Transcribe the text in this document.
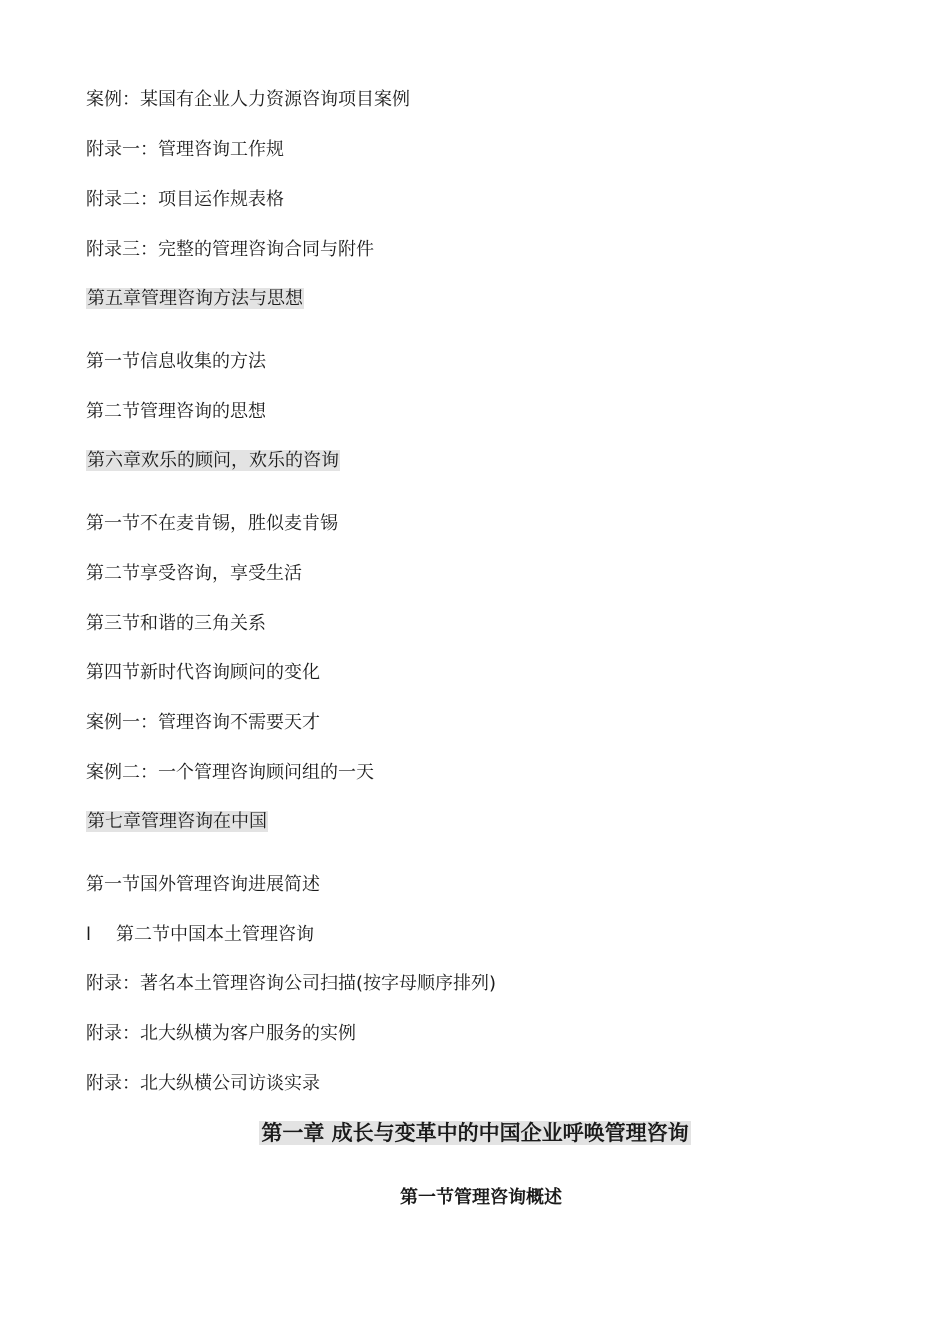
案例：某国有企业人力资源咨询项目案例
附录一：管理咨询工作规
附录二：项目运作规表格
附录三：完整的管理咨询合同与附件
第五章管理咨询方法与思想
第一节信息收集的方法
第二节管理咨询的思想
第六章欢乐的顾问，欢乐的咨询
第一节不在麦肯锡，胜似麦肯锡
第二节享受咨询，享受生活
第三节和谐的三角关系
第四节新时代咨询顾问的变化
案例一：管理咨询不需要天才
案例二：一个管理咨询顾问组的一天
第七章管理咨询在中国
第一节国外管理咨询进展简述
l 第二节中国本土管理咨询
附录：著名本土管理咨询公司扫描(按字母顺序排列)
附录：北大纵横为客户服务的实例
附录：北大纵横公司访谈实录
第一章 成长与变革中的中国企业呼唤管理咨询
第一节管理咨询概述
